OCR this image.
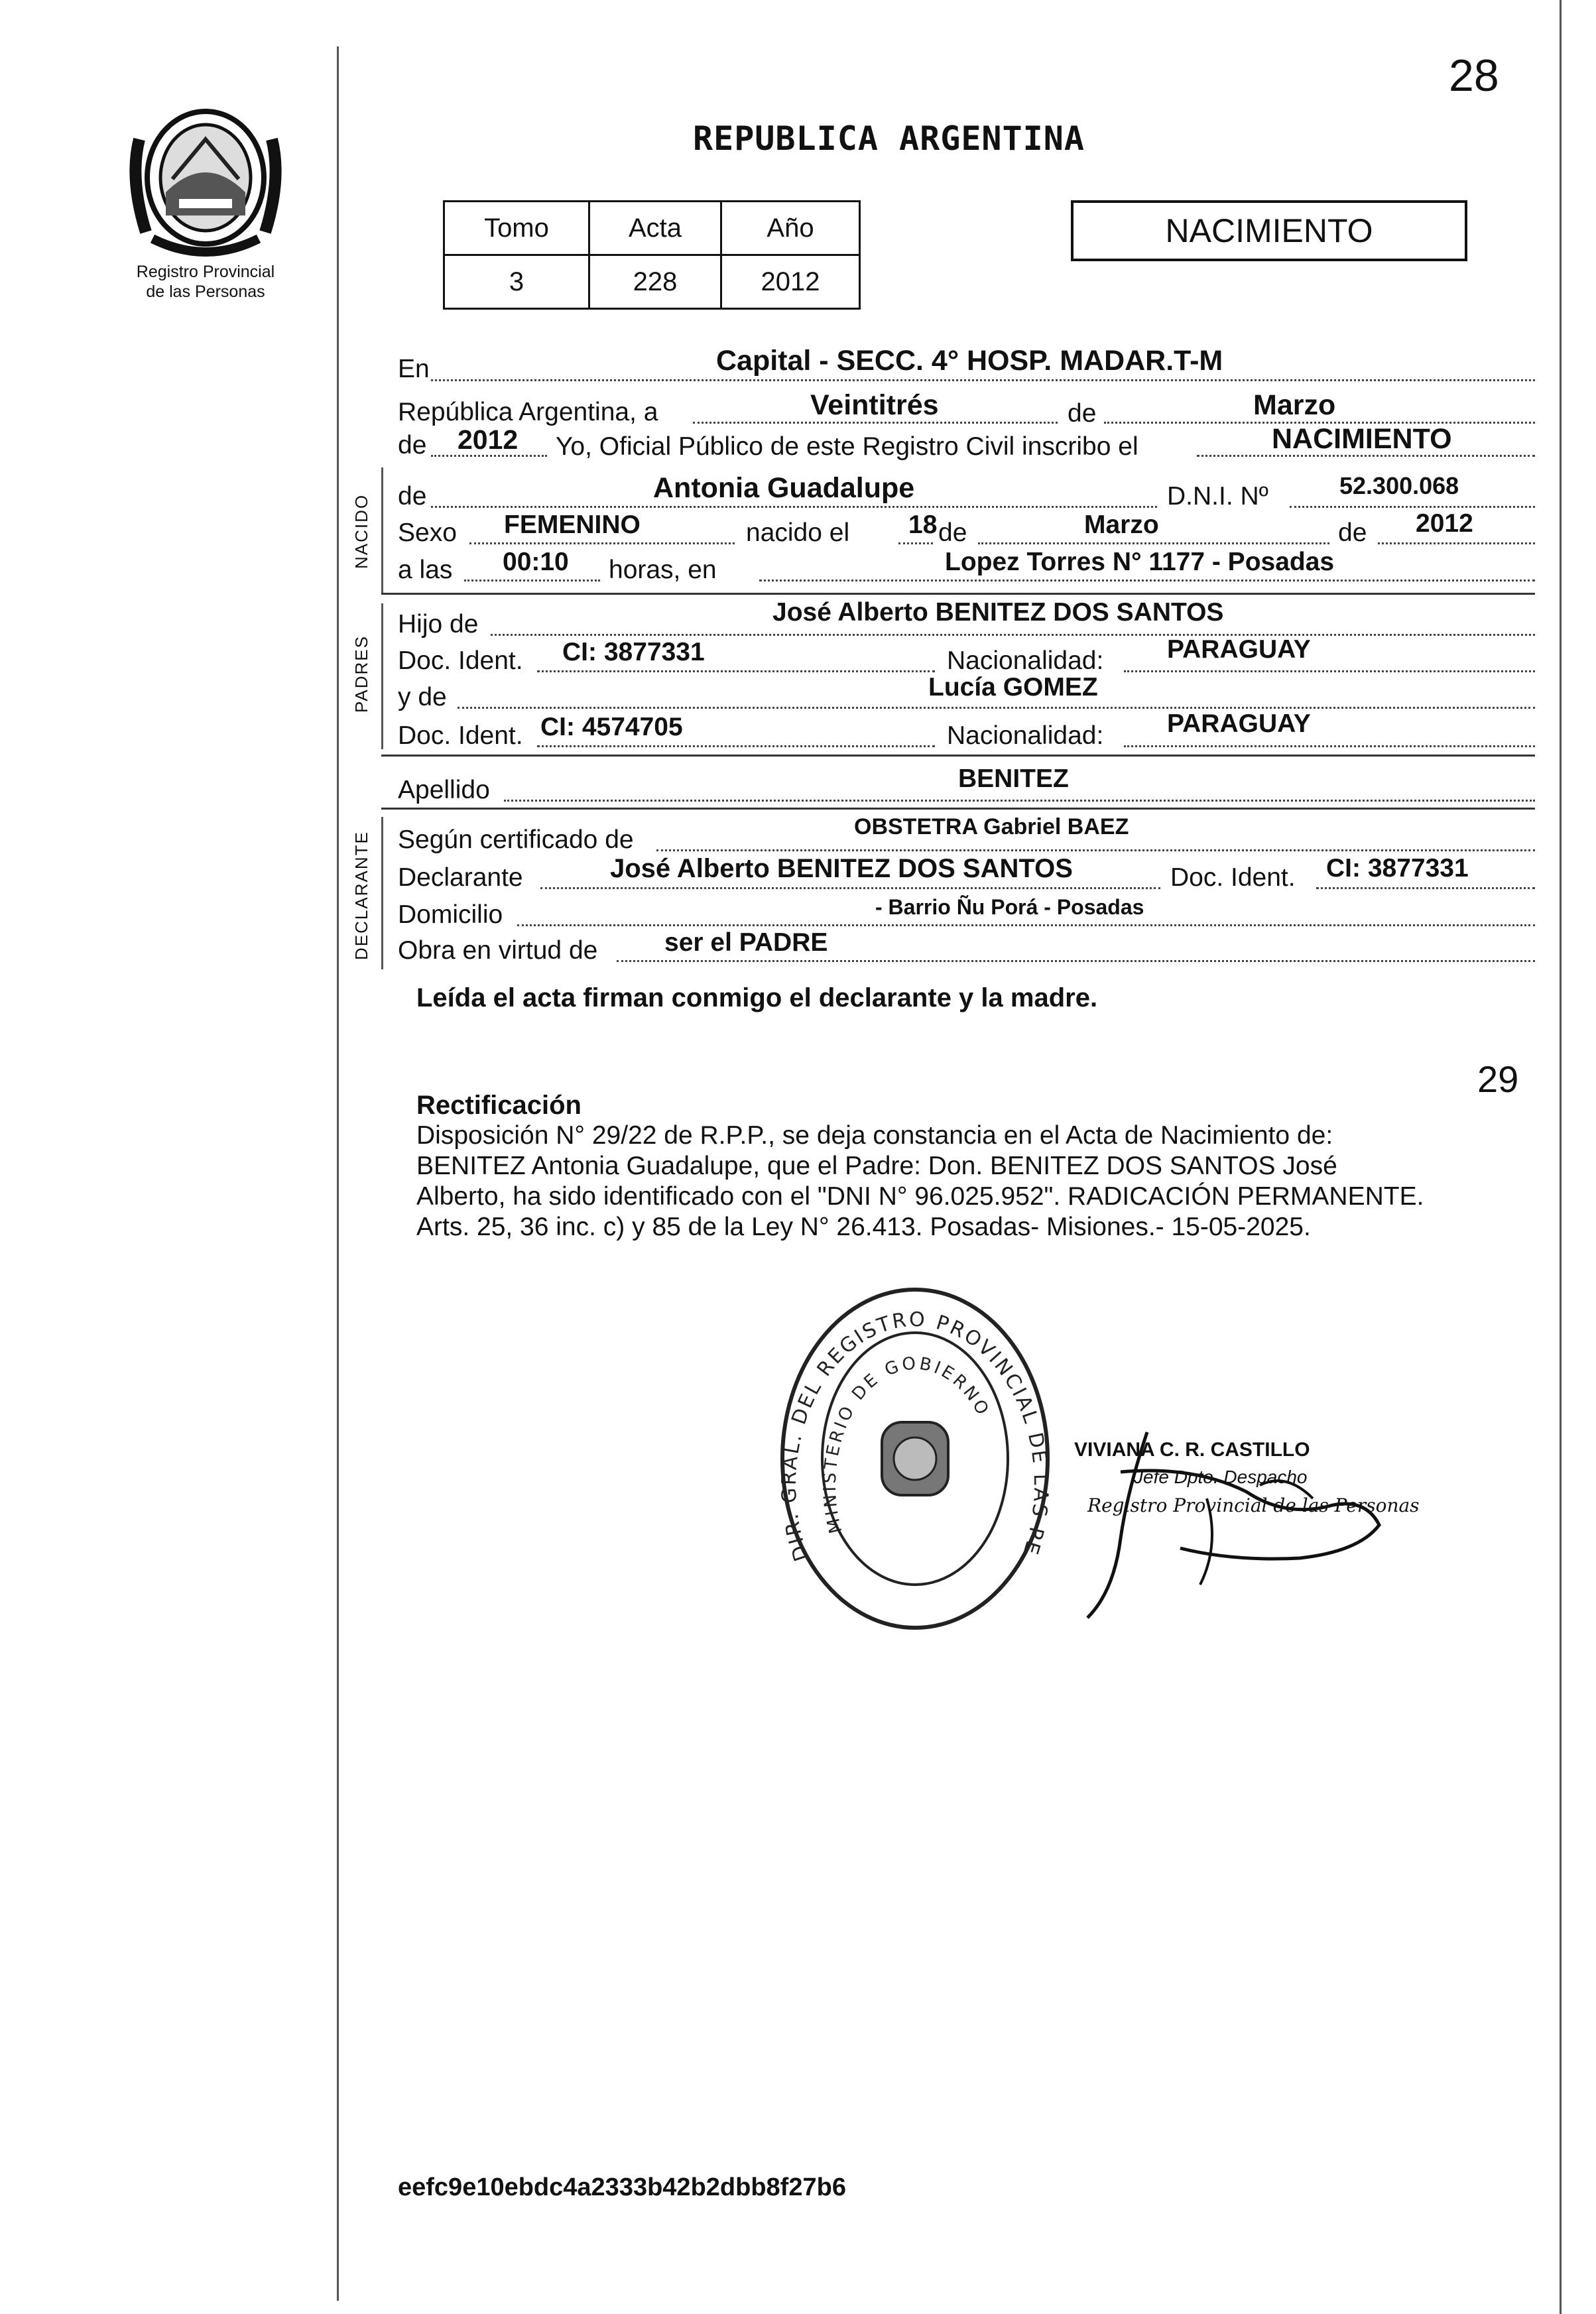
28
Registro Provincial
de las Personas
REPUBLICA ARGENTINA
Tomo	Acta	Año
3	228	2012
NACIMIENTO
En	Capital - SECC. 4° HOSP. MADAR.T-M
República Argentina, a	Veintitrés	de	Marzo
de 2012 Yo, Oficial Público de este Registro Civil inscribo el	NACIMIENTO
NACIDO de	Antonia Guadalupe	D.N.I. Nº	52.300.068
Sexo FEMENINO	nacido el 18 de	Marzo	de 2012
a las 00:10 horas, en	Lopez Torres N° 1177 - Posadas
PADRES
Hijo de	José Alberto BENITEZ DOS SANTOS
Doc. Ident. CI: 3877331	Nacionalidad: PARAGUAY
y de	Lucía GOMEZ
Doc. Ident. CI: 4574705	Nacionalidad: PARAGUAY
Apellido	BENITEZ
DECLARANTE Según certificado de	OBSTETRA Gabriel BAEZ
Declarante	José Alberto BENITEZ DOS SANTOS	Doc. Ident. CI: 3877331
Domicilio	- Barrio Ñu Porá - Posadas
Obra en virtud de	ser el PADRE
Leída el acta firman conmigo el declarante y la madre.
29
Rectificación
Disposición N° 29/22 de R.P.P., se deja constancia en el Acta de Nacimiento de:
BENITEZ Antonia Guadalupe, que el Padre: Don. BENITEZ DOS SANTOS José
Alberto, ha sido identificado con el "DNI N° 96.025.952". RADICACIÓN PERMANENTE.
Arts. 25, 36 inc. c) y 85 de la Ley N° 26.413. Posadas- Misiones.- 15-05-2025.
DIR. GRAL. DEL REGISTRO PROVINCIAL DE LAS PE
MINISTERIO DE GOBIERNO
VIVIANA C. R. CASTILLO
Jefe Dpto. Despacho
Registro Provincial de las Personas
eefc9e10ebdc4a2333b42b2dbb8f27b6
